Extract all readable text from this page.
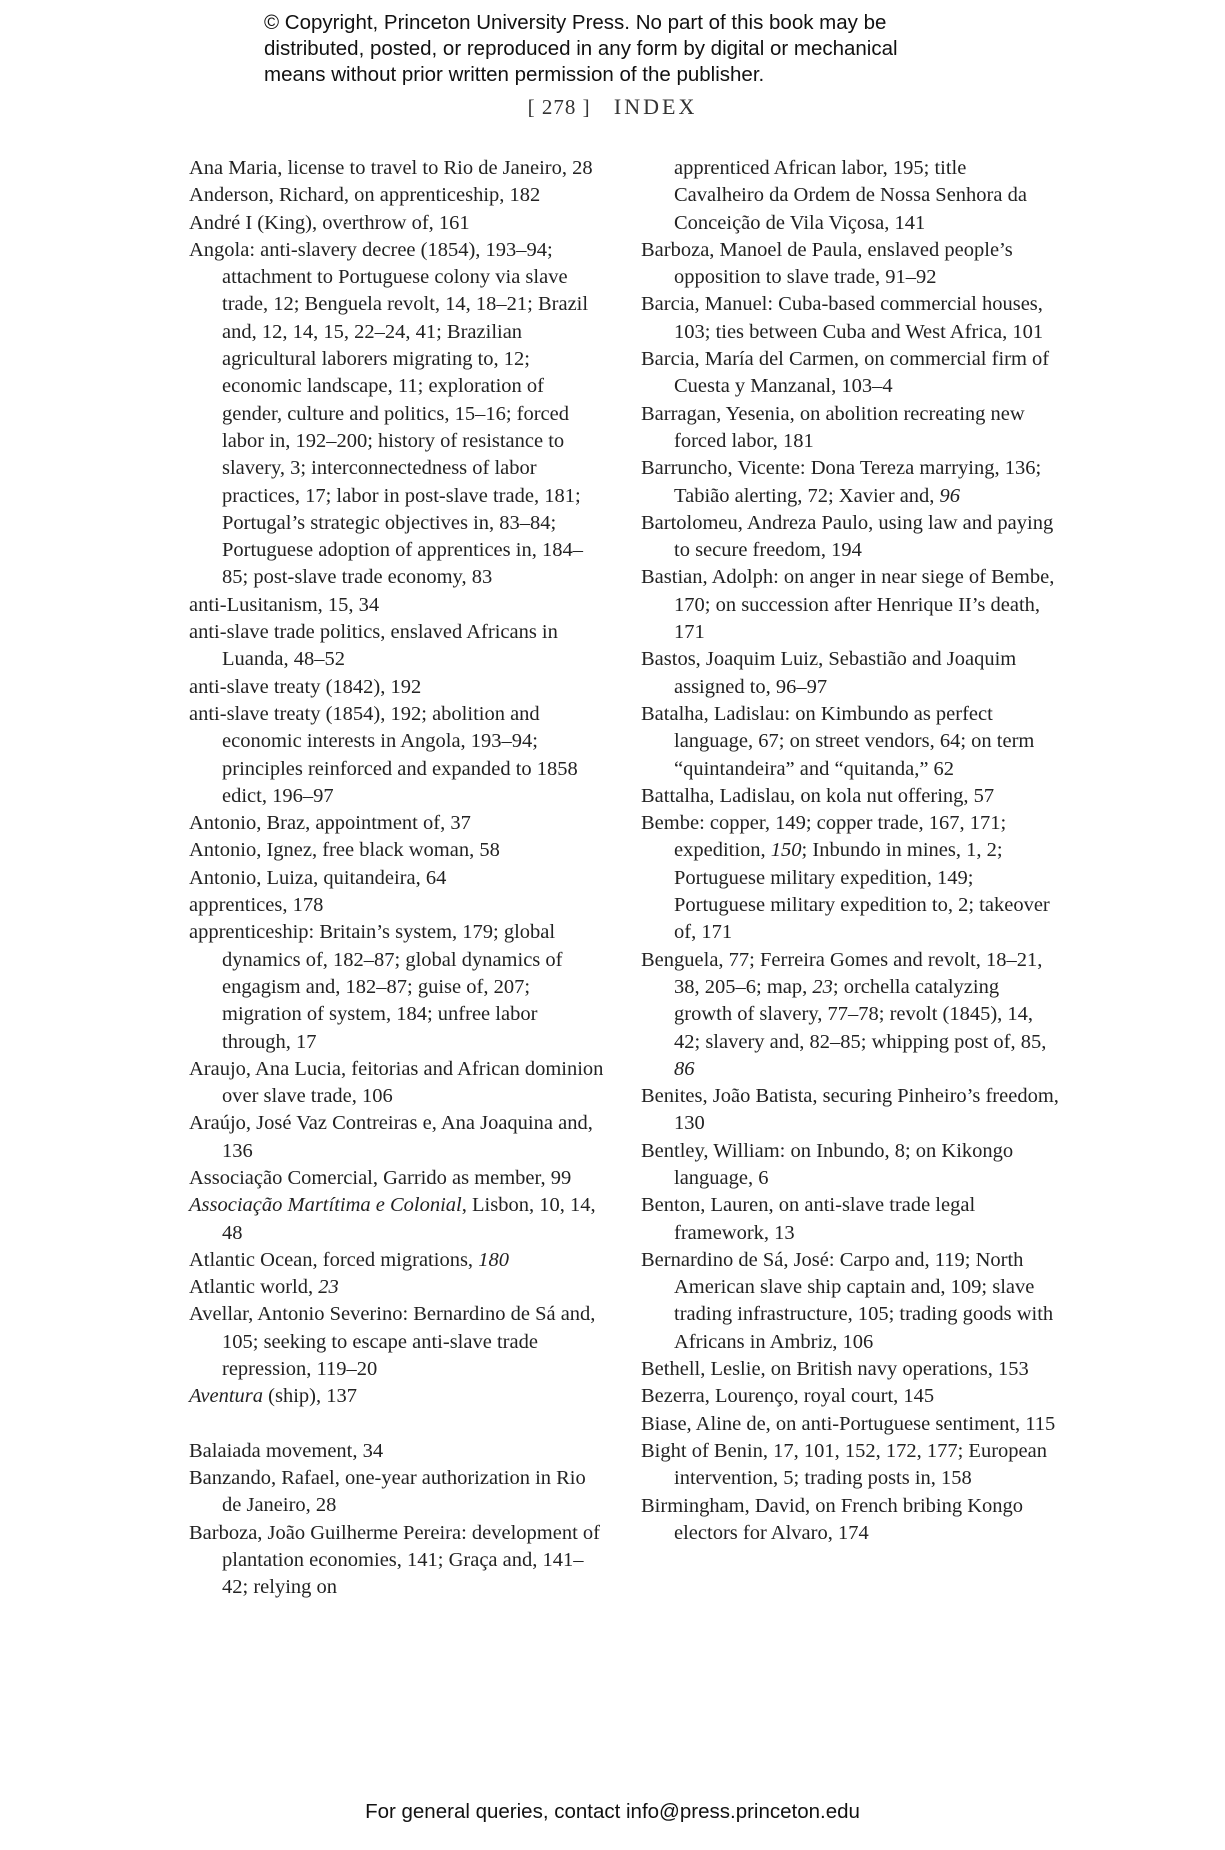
© Copyright, Princeton University Press. No part of this book may be
distributed, posted, or reproduced in any form by digital or mechanical
means without prior written permission of the publisher.
[ 278 ] INDEX

Ana Maria, license to travel to Rio de Janeiro, 28

Anderson, Richard, on apprenticeship, 182

André I (King), overthrow of, 161

Angola: anti-slavery decree (1854), 193–94; attachment to Portuguese colony via slave trade, 12; Benguela revolt, 14, 18–21; Brazil and, 12, 14, 15, 22–24, 41; Brazilian agricultural laborers migrating to, 12; economic landscape, 11; exploration of gender, culture and politics, 15–16; forced labor in, 192–200; history of resistance to slavery, 3; interconnectedness of labor practices, 17; labor in post-slave trade, 181; Portugal’s strategic objectives in, 83–84; Portuguese adoption of apprentices in, 184–85; post-slave trade economy, 83

anti-Lusitanism, 15, 34

anti-slave trade politics, enslaved Africans in Luanda, 48–52

anti-slave treaty (1842), 192

anti-slave treaty (1854), 192; abolition and economic interests in Angola, 193–94; principles reinforced and expanded to 1858 edict, 196–97

Antonio, Braz, appointment of, 37

Antonio, Ignez, free black woman, 58

Antonio, Luiza, quitandeira, 64

apprentices, 178

apprenticeship: Britain’s system, 179; global dynamics of, 182–87; global dynamics of engagism and, 182–87; guise of, 207; migration of system, 184; unfree labor through, 17

Araujo, Ana Lucia, feitorias and African dominion over slave trade, 106

Araújo, José Vaz Contreiras e, Ana Joaquina and, 136

Associação Comercial, Garrido as member, 99

Associação Martítima e Colonial, Lisbon, 10, 14, 48

Atlantic Ocean, forced migrations, 180

Atlantic world, 23

Avellar, Antonio Severino: Bernardino de Sá and, 105; seeking to escape anti-slave trade repression, 119–20

Aventura (ship), 137

Balaiada movement, 34

Banzando, Rafael, one-year authorization in Rio de Janeiro, 28

Barboza, João Guilherme Pereira: development of plantation economies, 141; Graça and, 141–42; relying on

apprenticed African labor, 195; title Cavalheiro da Ordem de Nossa Senhora da Conceição de Vila Viçosa, 141

Barboza, Manoel de Paula, enslaved people’s opposition to slave trade, 91–92

Barcia, Manuel: Cuba-based commercial houses, 103; ties between Cuba and West Africa, 101

Barcia, María del Carmen, on commercial firm of Cuesta y Manzanal, 103–4

Barragan, Yesenia, on abolition recreating new forced labor, 181

Barruncho, Vicente: Dona Tereza marrying, 136; Tabião alerting, 72; Xavier and, 96

Bartolomeu, Andreza Paulo, using law and paying to secure freedom, 194

Bastian, Adolph: on anger in near siege of Bembe, 170; on succession after Henrique II’s death, 171

Bastos, Joaquim Luiz, Sebastião and Joaquim assigned to, 96–97

Batalha, Ladislau: on Kimbundo as perfect language, 67; on street vendors, 64; on term “quintandeira” and “quitanda,” 62

Battalha, Ladislau, on kola nut offering, 57

Bembe: copper, 149; copper trade, 167, 171; expedition, 150; Inbundo in mines, 1, 2; Portuguese military expedition, 149; Portuguese military expedition to, 2; takeover of, 171

Benguela, 77; Ferreira Gomes and revolt, 18–21, 38, 205–6; map, 23; orchella catalyzing growth of slavery, 77–78; revolt (1845), 14, 42; slavery and, 82–85; whipping post of, 85, 86

Benites, João Batista, securing Pinheiro’s freedom, 130

Bentley, William: on Inbundo, 8; on Kikongo language, 6

Benton, Lauren, on anti-slave trade legal framework, 13

Bernardino de Sá, José: Carpo and, 119; North American slave ship captain and, 109; slave trading infrastructure, 105; trading goods with Africans in Ambriz, 106

Bethell, Leslie, on British navy operations, 153

Bezerra, Lourenço, royal court, 145

Biase, Aline de, on anti-Portuguese sentiment, 115

Bight of Benin, 17, 101, 152, 172, 177; European intervention, 5; trading posts in, 158

Birmingham, David, on French bribing Kongo electors for Alvaro, 174

For general queries, contact info@press.princeton.edu
